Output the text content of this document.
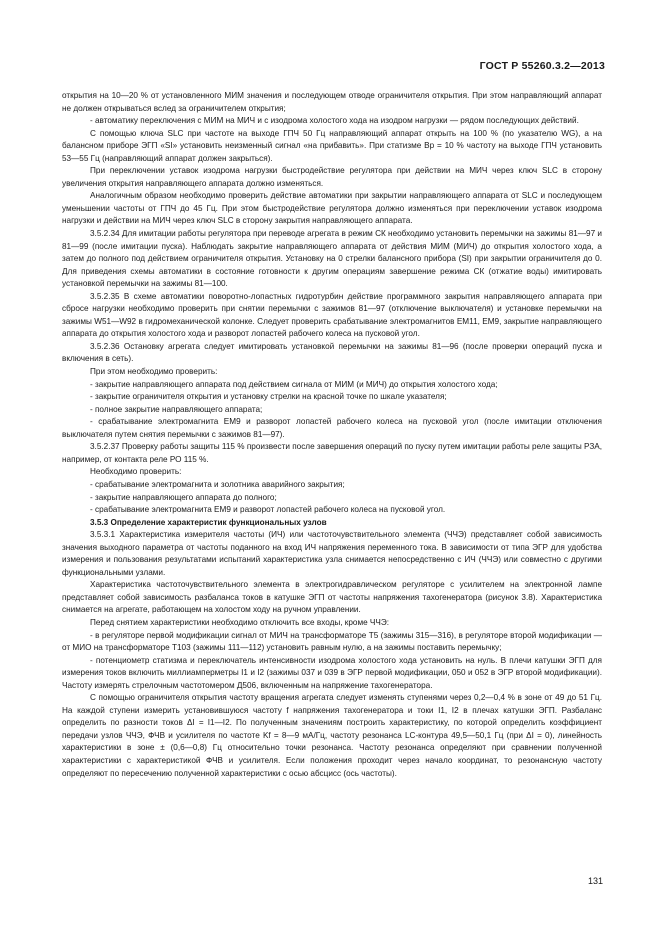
ГОСТ Р 55260.3.2—2013

открытия на 10—20 % от установленного МИМ значения и последующем отводе ограничителя открытия. При этом направляющий аппарат не должен открываться вслед за ограничителем открытия;

- автоматику переключения с МИМ на МИЧ и с изодрома холостого хода на изодром нагрузки — рядом последующих действий.

С помощью ключа SLC при частоте на выходе ГПЧ 50 Гц направляющий аппарат открыть на 100 % (по указателю WG), а на балансном приборе ЭГП «SI» установить неизменный сигнал «на прибавить». При статизме Bр = 10 % частоту на выходе ГПЧ установить 53—55 Гц (направляющий аппарат должен закрыться).

При переключении уставок изодрома нагрузки быстродействие регулятора при действии на МИЧ через ключ SLC в сторону увеличения открытия направляющего аппарата должно изменяться.

Аналогичным образом необходимо проверить действие автоматики при закрытии направляющего аппарата от SLC и последующем уменьшении частоты от ГПЧ до 45 Гц. При этом быстродействие регулятора должно изменяться при переключении уставок изодрома нагрузки и действии на МИЧ через ключ SLC в сторону закрытия направляющего аппарата.

3.5.2.34 Для имитации работы регулятора при переводе агрегата в режим СК необходимо установить перемычки на зажимы 81—97 и 81—99 (после имитации пуска). Наблюдать закрытие направляющего аппарата от действия МИМ (МИЧ) до открытия холостого хода, а затем до полного под действием ограничителя открытия. Установку на 0 стрелки балансного прибора (SI) при закрытии ограничителя до 0. Для приведения схемы автоматики в состояние готовности к другим операциям завершение режима СК (отжатие воды) имитировать установкой перемычки на зажимы 81—100.

3.5.2.35 В схеме автоматики поворотно-лопастных гидротурбин действие программного закрытия направляющего аппарата при сбросе нагрузки необходимо проверить при снятии перемычки с зажимов 81—97 (отключение выключателя) и установке перемычки на зажимы W51—W92 в гидромеханической колонке. Следует проверить срабатывание электромагнитов ЕМ11, ЕМ9, закрытие направляющего аппарата до открытия холостого хода и разворот лопастей рабочего колеса на пусковой угол.

3.5.2.36 Остановку агрегата следует имитировать установкой перемычки на зажимы 81—96 (после проверки операций пуска и включения в сеть).

При этом необходимо проверить:

- закрытие направляющего аппарата под действием сигнала от МИМ (и МИЧ) до открытия холостого хода;

- закрытие ограничителя открытия и установку стрелки на красной точке по шкале указателя;

- полное закрытие направляющего аппарата;

- срабатывание электромагнита ЕМ9 и разворот лопастей рабочего колеса на пусковой угол (после имитации отключения выключателя путем снятия перемычки с зажимов 81—97).

3.5.2.37 Проверку работы защиты 115 % произвести после завершения операций по пуску путем имитации работы реле защиты РЗА, например, от контакта реле РО 115 %.

Необходимо проверить:

- срабатывание электромагнита и золотника аварийного закрытия;

- закрытие направляющего аппарата до полного;

- срабатывание электромагнита ЕМ9 и разворот лопастей рабочего колеса на пусковой угол.

3.5.3 Определение характеристик функциональных узлов

3.5.3.1 Характеристика измерителя частоты (ИЧ) или частоточувствительного элемента (ЧЧЭ) представляет собой зависимость значения выходного параметра от частоты поданного на вход ИЧ напряжения переменного тока. В зависимости от типа ЭГР для удобства измерения и пользования результатами испытаний характеристика узла снимается непосредственно с ИЧ (ЧЧЭ) или совместно с другими функциональными узлами.

Характеристика частоточувствительного элемента в электрогидравлическом регуляторе с усилителем на электронной лампе представляет собой зависимость разбаланса токов в катушке ЭГП от частоты напряжения тахогенератора (рисунок 3.8). Характеристика снимается на агрегате, работающем на холостом ходу на ручном управлении.

Перед снятием характеристики необходимо отключить все входы, кроме ЧЧЭ:

- в регуляторе первой модификации сигнал от МИЧ на трансформаторе Т5 (зажимы 315—316), в регуляторе второй модификации — от МИО на трансформаторе Т103 (зажимы 111—112) установить равным нулю, а на зажимы поставить перемычку;

- потенциометр статизма и переключатель интенсивности изодрома холостого хода установить на нуль. В плечи катушки ЭГП для измерения токов включить миллиамперметры I1 и I2 (зажимы 037 и 039 в ЭГР первой модификации, 050 и 052 в ЭГР второй модификации). Частоту измерять стрелочным частотомером Д506, включенным на напряжение тахогенератора.

С помощью ограничителя открытия частоту вращения агрегата следует изменять ступенями через 0,2—0,4 % в зоне от 49 до 51 Гц. На каждой ступени измерить установившуюся частоту f напряжения тахогенератора и токи I1, I2 в плечах катушки ЭГП. Разбаланс определить по разности токов ΔI = I1—I2. По полученным значениям построить характеристику, по которой определить коэффициент передачи узлов ЧЧЭ, ФЧВ и усилителя по частоте Kf = 8—9 мА/Гц, частоту резонанса LC-контура 49,5—50,1 Гц (при ΔI = 0), линейность характеристики в зоне ± (0,6—0,8) Гц относительно точки резонанса. Частоту резонанса определяют при сравнении полученной характеристики с характеристикой ФЧВ и усилителя. Если положения проходит через начало координат, то резонансную частоту определяют по пересечению полученной характеристики с осью абсцисс (ось частоты).

131
